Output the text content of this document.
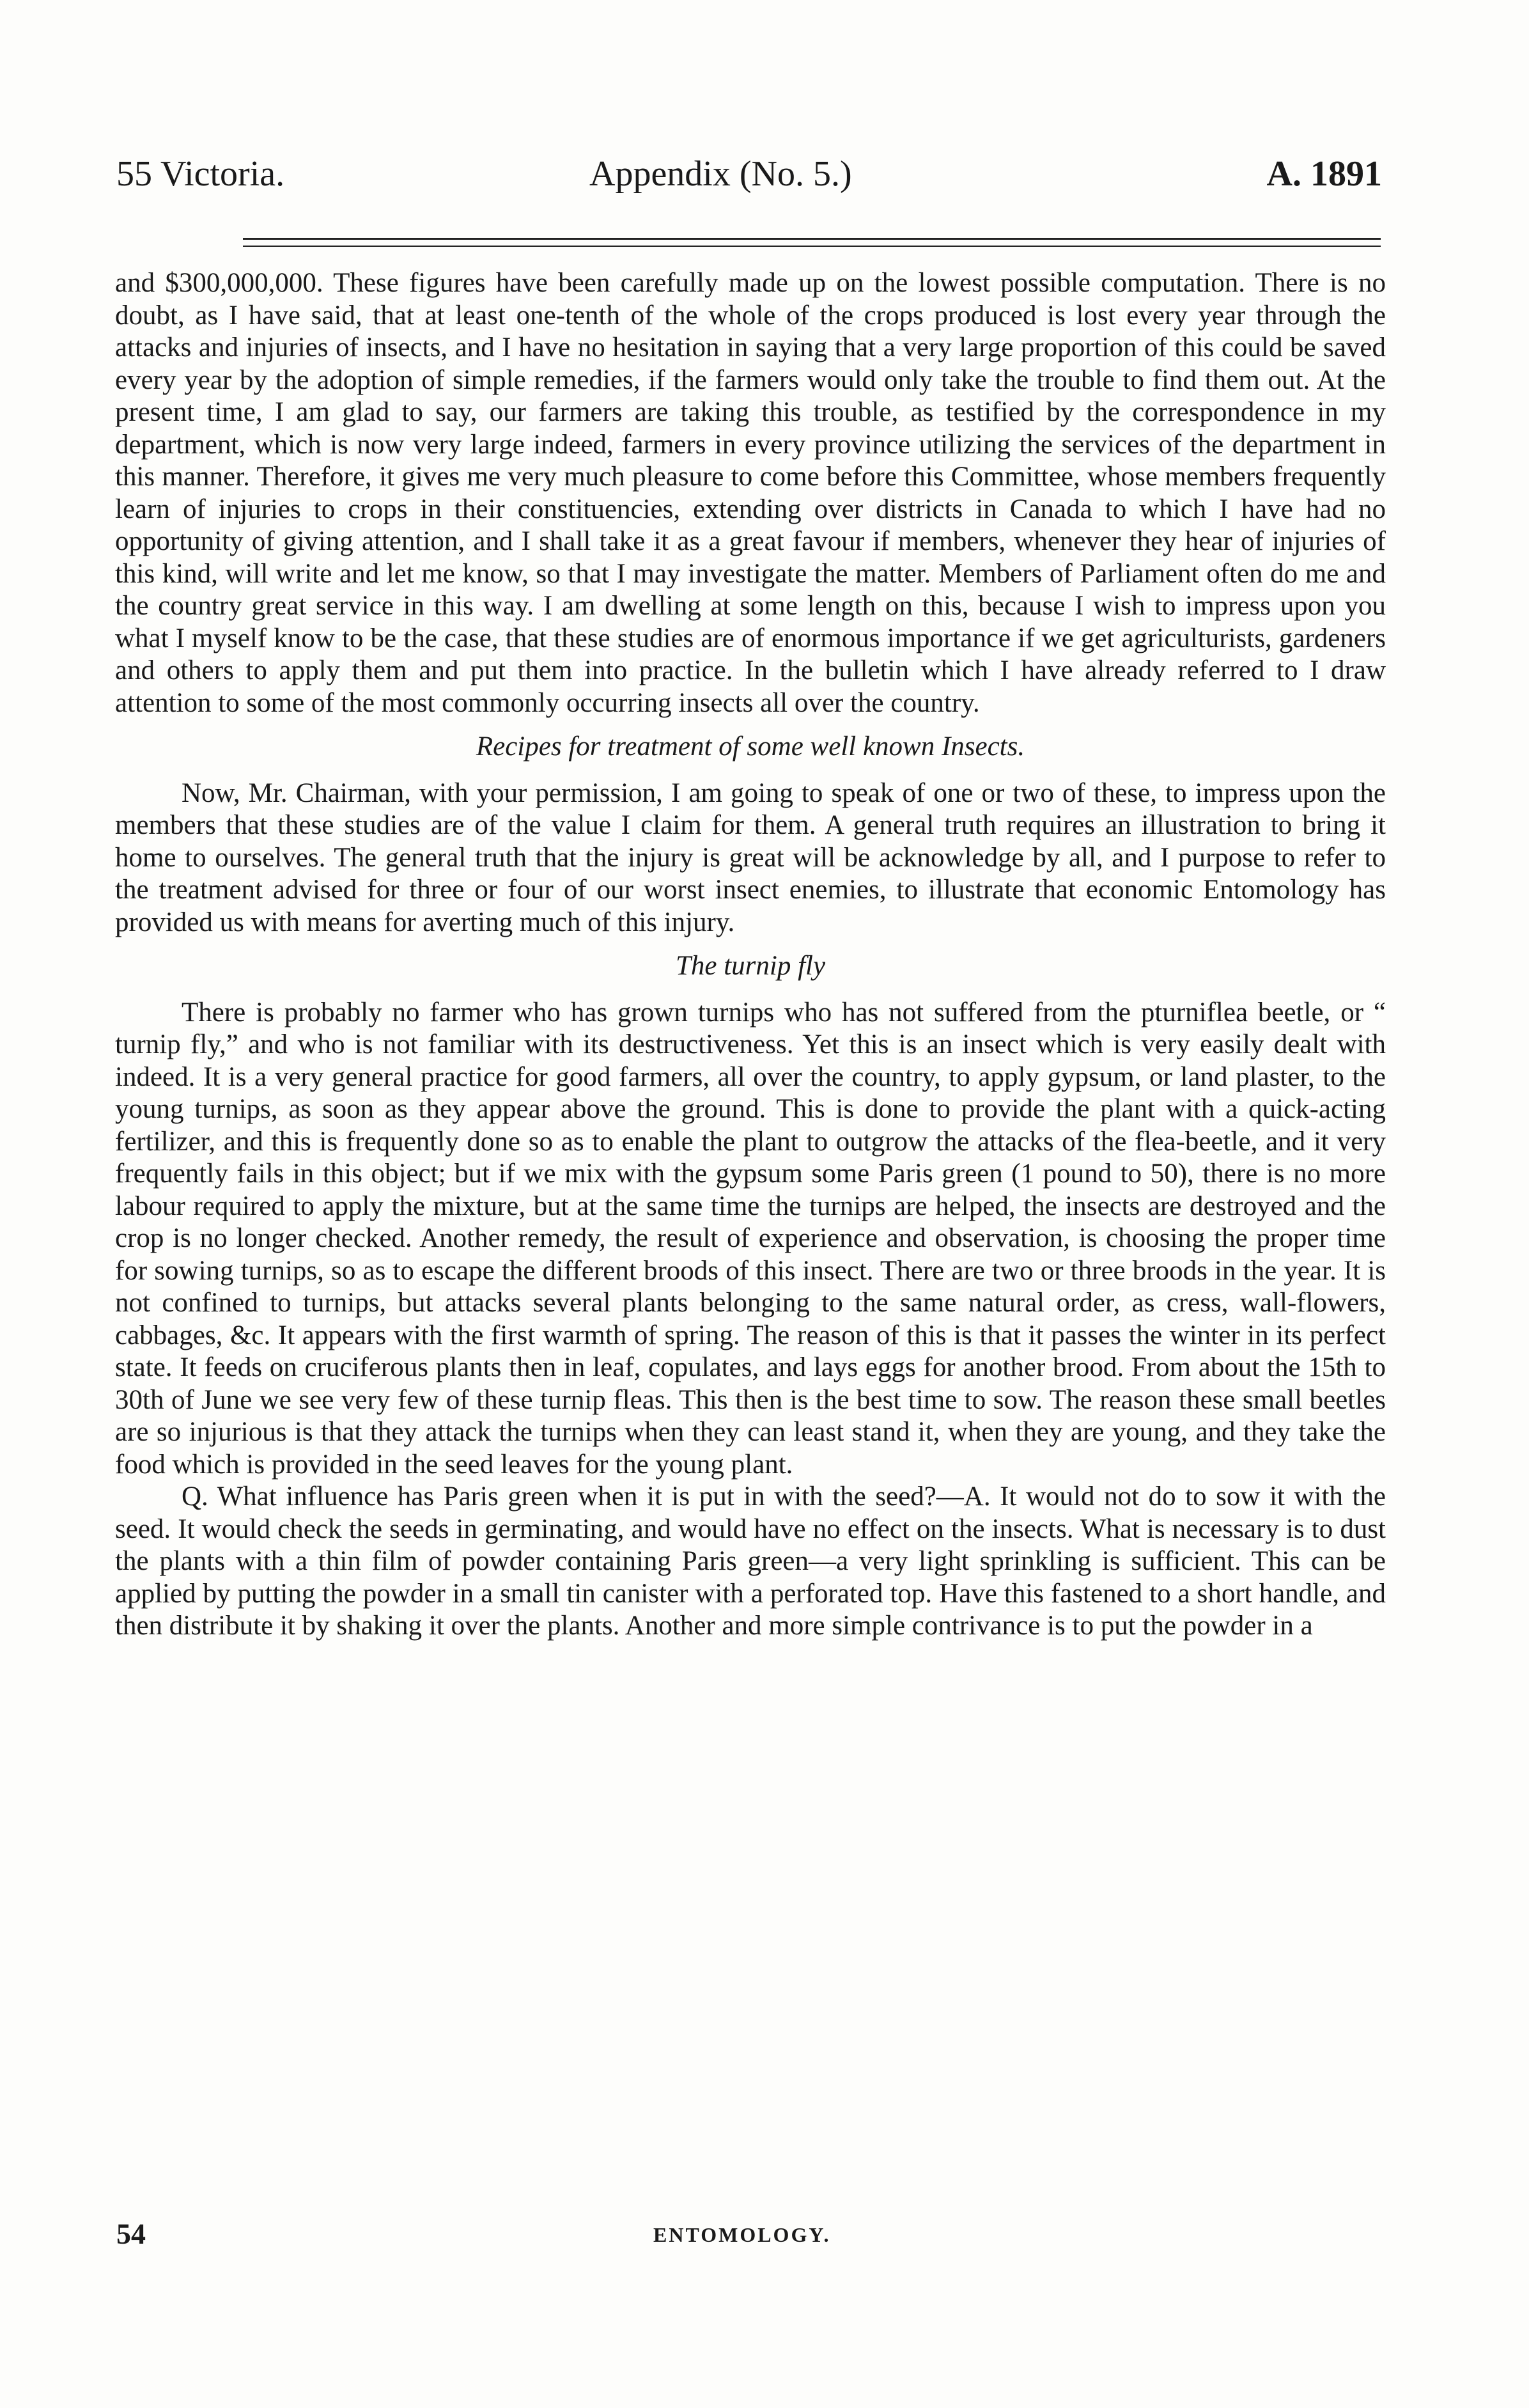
55 Victoria.	Appendix (No. 5.)	A. 1891

and $300,000,000. These figures have been carefully made up on the lowest possible computation. There is no doubt, as I have said, that at least one-tenth of the whole of the crops produced is lost every year through the attacks and injuries of insects, and I have no hesitation in saying that a very large proportion of this could be saved every year by the adoption of simple remedies, if the farmers would only take the trouble to find them out. At the present time, I am glad to say, our farmers are taking this trouble, as testified by the correspondence in my department, which is now very large indeed, farmers in every province utilizing the services of the department in this manner. Therefore, it gives me very much pleasure to come before this Committee, whose members frequently learn of injuries to crops in their constituencies, extending over districts in Canada to which I have had no opportunity of giving attention, and I shall take it as a great favour if members, whenever they hear of injuries of this kind, will write and let me know, so that I may investigate the matter. Members of Parliament often do me and the country great service in this way. I am dwelling at some length on this, because I wish to impress upon you what I myself know to be the case, that these studies are of enormous importance if we get agriculturists, gardeners and others to apply them and put them into practice. In the bulletin which I have already referred to I draw attention to some of the most commonly occurring insects all over the country.

Recipes for treatment of some well known Insects.

Now, Mr. Chairman, with your permission, I am going to speak of one or two of these, to impress upon the members that these studies are of the value I claim for them. A general truth requires an illustration to bring it home to ourselves. The general truth that the injury is great will be acknowledge by all, and I purpose to refer to the treatment advised for three or four of our worst insect enemies, to illustrate that economic Entomology has provided us with means for averting much of this injury.

The turnip fly

There is probably no farmer who has grown turnips who has not suffered from the pturniflea beetle, or “ turnip fly,” and who is not familiar with its destructiveness. Yet this is an insect which is very easily dealt with indeed. It is a very general practice for good farmers, all over the country, to apply gypsum, or land plaster, to the young turnips, as soon as they appear above the ground. This is done to provide the plant with a quick-acting fertilizer, and this is frequently done so as to enable the plant to outgrow the attacks of the flea-beetle, and it very frequently fails in this object; but if we mix with the gypsum some Paris green (1 pound to 50), there is no more labour required to apply the mixture, but at the same time the turnips are helped, the insects are destroyed and the crop is no longer checked. Another remedy, the result of experience and observation, is choosing the proper time for sowing turnips, so as to escape the different broods of this insect. There are two or three broods in the year. It is not confined to turnips, but attacks several plants belonging to the same natural order, as cress, wall-flowers, cabbages, &c. It appears with the first warmth of spring. The reason of this is that it passes the winter in its perfect state. It feeds on cruciferous plants then in leaf, copulates, and lays eggs for another brood. From about the 15th to 30th of June we see very few of these turnip fleas. This then is the best time to sow. The reason these small beetles are so injurious is that they attack the turnips when they can least stand it, when they are young, and they take the food which is provided in the seed leaves for the young plant.

Q. What influence has Paris green when it is put in with the seed?—A. It would not do to sow it with the seed. It would check the seeds in germinating, and would have no effect on the insects. What is necessary is to dust the plants with a thin film of powder containing Paris green—a very light sprinkling is sufficient. This can be applied by putting the powder in a small tin canister with a perforated top. Have this fastened to a short handle, and then distribute it by shaking it over the plants. Another and more simple contrivance is to put the powder in a

54	ENTOMOLOGY.
